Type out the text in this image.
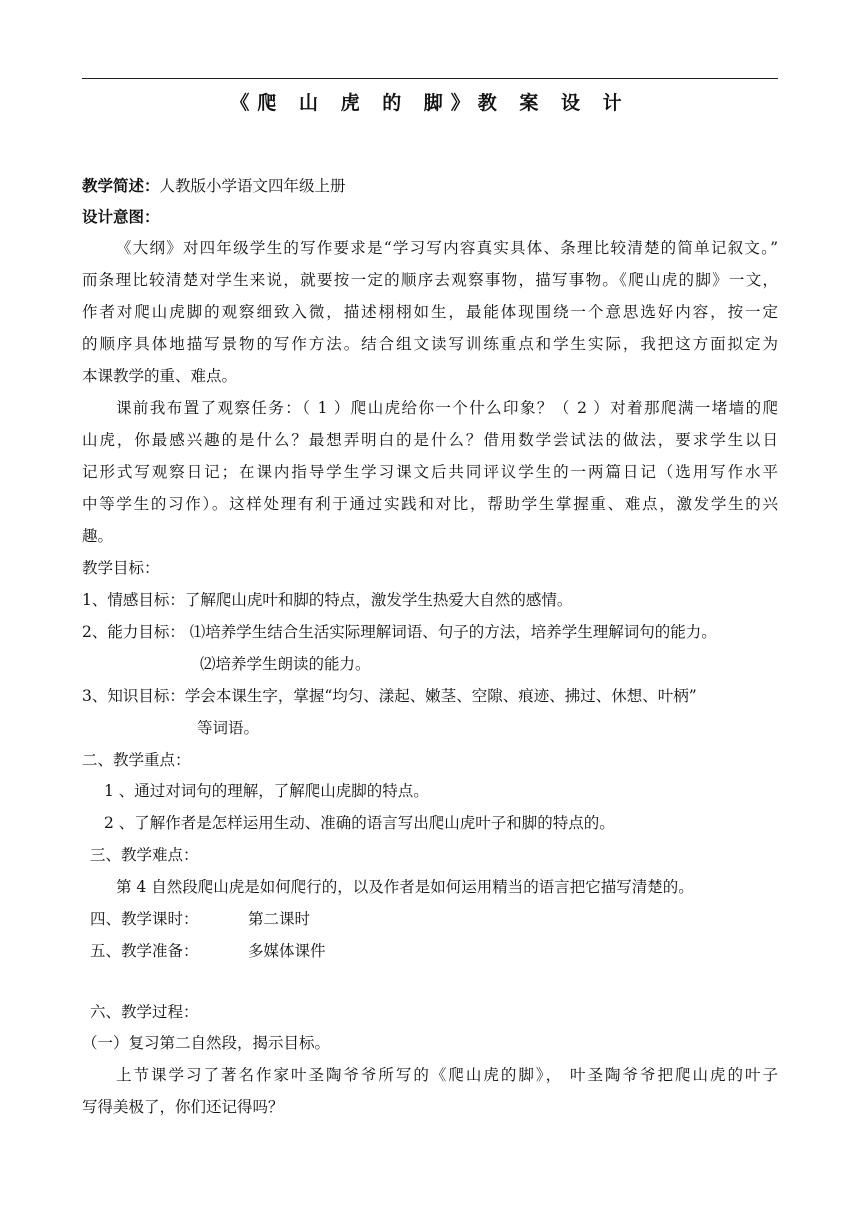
《爬 山 虎 的 脚》教 案 设 计
教学简述：人教版小学语文四年级上册
设计意图：
《大纲》对四年级学生的写作要求是“学习写内容真实具体、条理比较清楚的简单记叙文。”
而条理比较清楚对学生来说，就要按一定的顺序去观察事物，描写事物。《爬山虎的脚》一文，
作者对爬山虎脚的观察细致入微，描述栩栩如生，最能体现围绕一个意思选好内容，按一定
的顺序具体地描写景物的写作方法。结合组文读写训练重点和学生实际，我把这方面拟定为
本课教学的重、难点。
课前我布置了观察任务：（ 1 ）爬山虎给你一个什么印象？（ 2 ）对着那爬满一堵墙的爬
山虎，你最感兴趣的是什么？最想弄明白的是什么？借用数学尝试法的做法，要求学生以日
记形式写观察日记；在课内指导学生学习课文后共同评议学生的一两篇日记（选用写作水平
中等学生的习作）。这样处理有利于通过实践和对比，帮助学生掌握重、难点，激发学生的兴
趣。
教学目标：
1、情感目标：了解爬山虎叶和脚的特点，激发学生热爱大自然的感情。
2、能力目标： ⑴培养学生结合生活实际理解词语、句子的方法，培养学生理解词句的能力。
⑵培养学生朗读的能力。
3、知识目标：学会本课生字，掌握“均匀、漾起、嫩茎、空隙、痕迹、拂过、休想、叶柄”
等词语。
二、教学重点：
1 、通过对词句的理解，了解爬山虎脚的特点。
2 、了解作者是怎样运用生动、准确的语言写出爬山虎叶子和脚的特点的。
三、教学难点：
第 4 自然段爬山虎是如何爬行的，以及作者是如何运用精当的语言把它描写清楚的。
四、教学课时：	第二课时
五、教学准备：	多媒体课件
六、教学过程：
（一）复习第二自然段，揭示目标。
上节课学习了著名作家叶圣陶爷爷所写的《爬山虎的脚》， 叶圣陶爷爷把爬山虎的叶子
写得美极了，你们还记得吗？
